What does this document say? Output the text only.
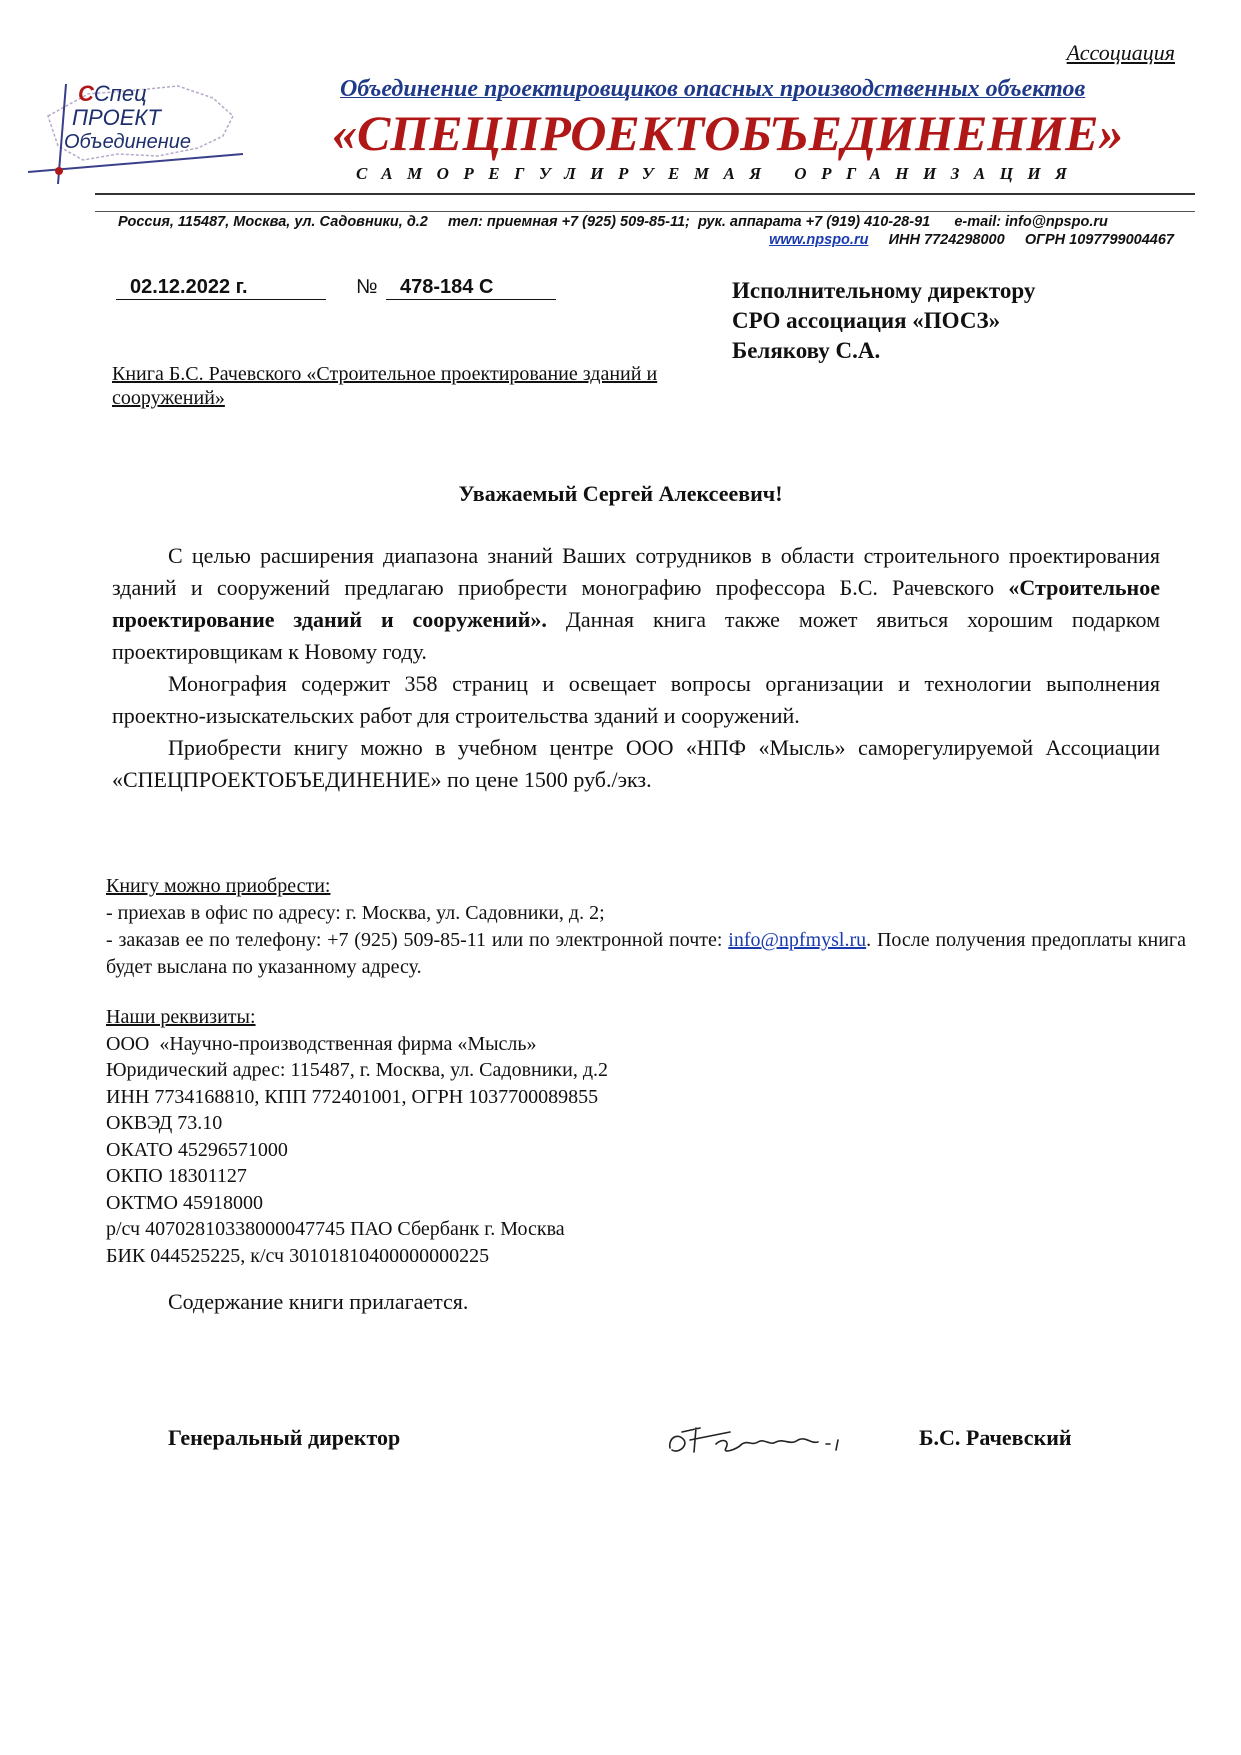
Ассоциация
ССпец
ПРОЕКТ
Объединение
Объединение проектировщиков опасных производственных объектов
«СПЕЦПРОЕКТОБЪЕДИНЕНИЕ»
САМОРЕГУЛИРУЕМАЯ ОРГАНИЗАЦИЯ
Россия, 115487, Москва, ул. Садовники, д.2     тел: приемная +7 (925) 509-85-11;  рук. аппарата +7 (919) 410-28-91      e-mail: info@npspo.ru
www.npspo.ru ИНН 7724298000 ОГРН 1097799004467
02.12.2022 г.	№	478-184 С	Исполнительному директору
СРО ассоциация «ПОСЗ»
Белякову С.А.
Книга Б.С. Рачевского «Строительное проектирование зданий и сооружений»
Уважаемый Сергей Алексеевич!

С целью расширения диапазона знаний Ваших сотрудников в области строительного проектирования зданий и сооружений предлагаю приобрести монографию профессора Б.С. Рачевского «Строительное проектирование зданий и сооружений». Данная книга также может явиться хорошим подарком проектировщикам к Новому году.

Монография содержит 358 страниц и освещает вопросы организации и технологии выполнения проектно-изыскательских работ для строительства зданий и сооружений.

Приобрести книгу можно в учебном центре ООО «НПФ «Мысль» саморегулируемой Ассоциации «СПЕЦПРОЕКТОБЪЕДИНЕНИЕ» по цене 1500 руб./экз.

Книгу можно приобрести:

- приехав в офис по адресу: г. Москва, ул. Садовники, д. 2;

- заказав ее по телефону: +7 (925) 509-85-11 или по электронной почте: info@npfmysl.ru. После получения предоплаты книга будет выслана по указанному адресу.

Наши реквизиты:
ООО  «Научно-производственная фирма «Мысль»
Юридический адрес: 115487, г. Москва, ул. Садовники, д.2
ИНН 7734168810, КПП 772401001, ОГРН 1037700089855
ОКВЭД 73.10
ОКАТО 45296571000
ОКПО 18301127
ОКТМО 45918000
р/сч 40702810338000047745 ПАО Сбербанк г. Москва
БИК 044525225, к/сч 30101810400000000225
Содержание книги прилагается.
Генеральный директор	Б.С. Рачевский
